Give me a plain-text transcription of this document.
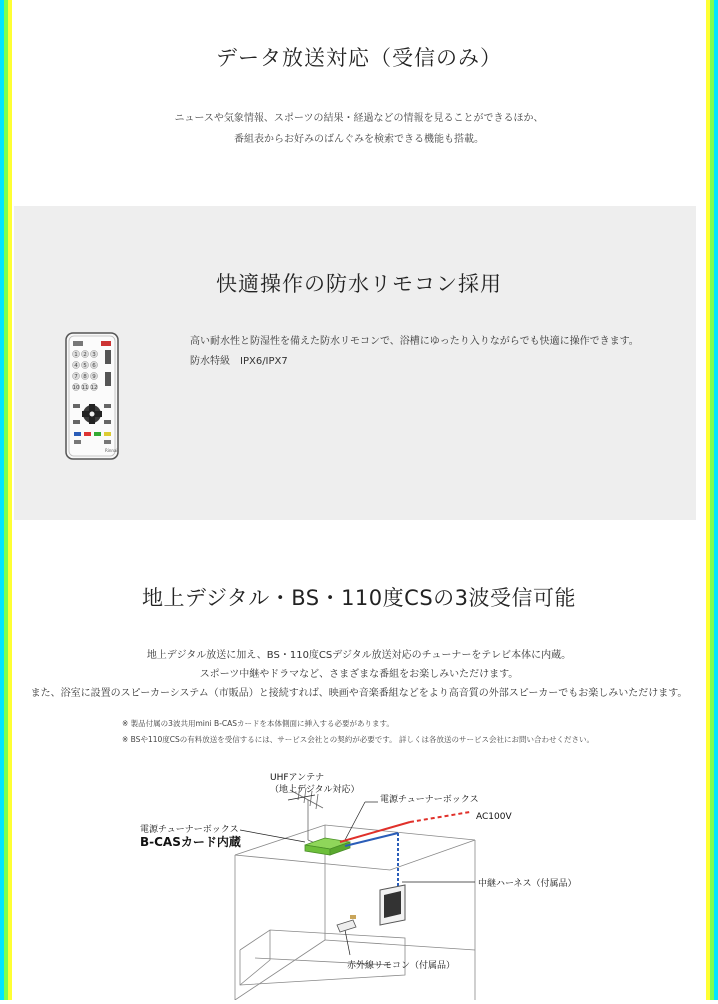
データ放送対応（受信のみ）
ニュースや気象情報、スポーツの結果・経過などの情報を見ることができるほか、
番組表からお好みのばんぐみを検索できる機能も搭載。
快適操作の防水リモコン採用
1 2 3
4 5 6
7 8 9
10 11 12
Rinnai
高い耐水性と防湿性を備えた防水リモコンで、浴槽にゆったり入りながらでも快適に操作できます。
防水特級　IPX6/IPX7
地上デジタル・BS・110度CSの3波受信可能
地上デジタル放送に加え、BS・110度CSデジタル放送対応のチューナーをテレビ本体に内蔵。
スポーツ中継やドラマなど、さまざまな番組をお楽しみいただけます。
また、浴室に設置のスピーカーシステム（市販品）と接続すれば、映画や音楽番組などをより高音質の外部スピーカーでもお楽しみいただけます。
※ 製品付属の3波共用mini B-CASカードを本体側面に挿入する必要があります。
※ BSや110度CSの有料放送を受信するには、サービス会社との契約が必要です。 詳しくは各放送のサービス会社にお問い合わせください。
UHFアンテナ
（地上デジタル対応）
電源チューナーボックス
AC100V
電源チューナーボックス
B-CASカード内蔵
中継ハーネス（付属品）
赤外線リモコン（付属品）
